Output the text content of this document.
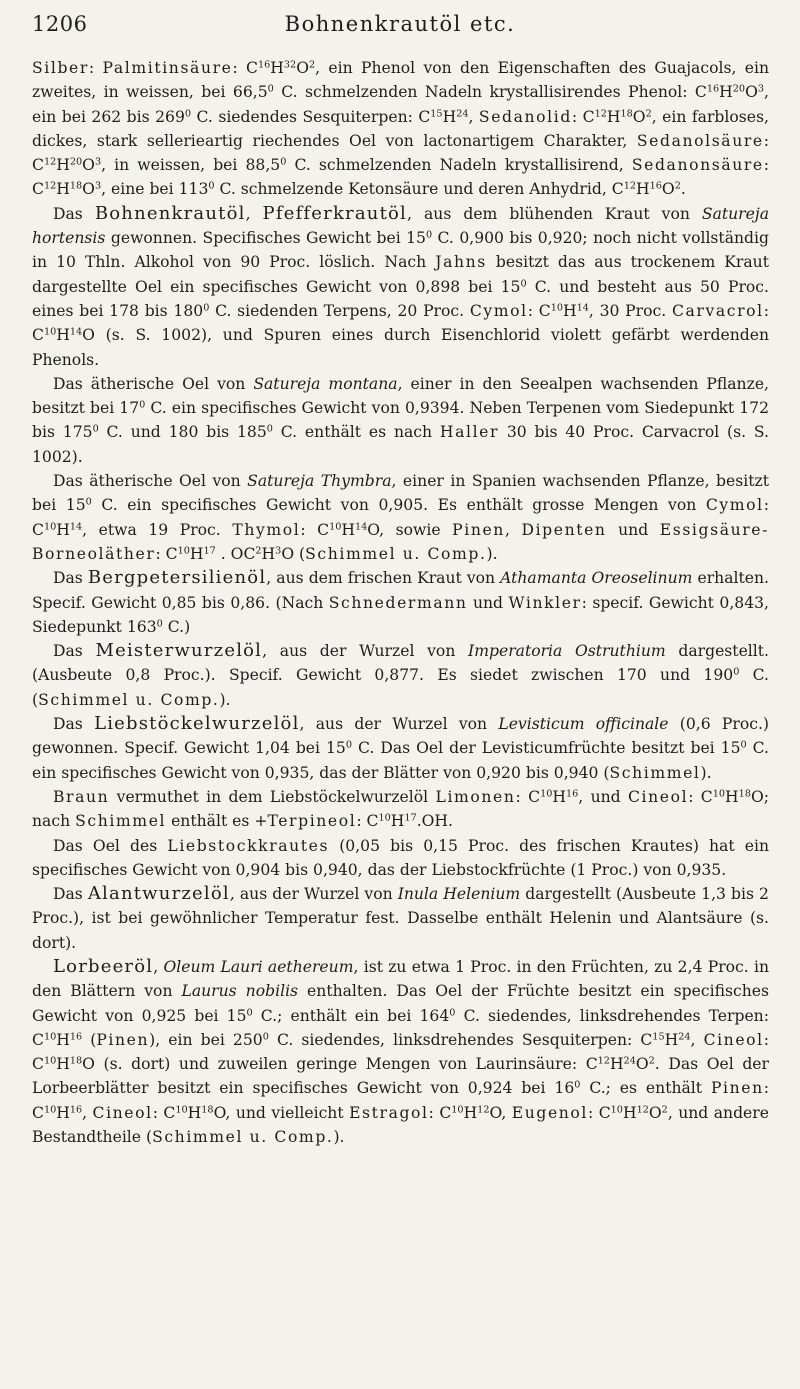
1206	Bohnenkrautöl etc.

Silber: Palmitinsäure: $C^{16}H^{32}O^2$, ein Phenol von den Eigenschaften des Guajacols, ein zweites, in weissen, bei 66,5$^0$ C. schmelzenden Nadeln krystallisirendes Phenol: $C^{16}H^{20}O^3$, ein bei 262 bis $269^0$ C. siedendes Sesquiterpen: $C^{15}H^{24}$, Sedanolid: $C^{12}H^{18}O^2$, ein farbloses, dickes, stark sellerieartig riechendes Oel von lactonartigem Charakter, Sedanolsäure: $C^{12}H^{20}O^3$, in weissen, bei 88,5$^0$ C. schmelzenden Nadeln krystallisirend, Sedanonsäure: $C^{12}H^{18}O^3$, eine bei $113^0$ C. schmelzende Ketonsäure und deren Anhydrid, $C^{12}H^{16}O^2$.

Das Bohnenkrautöl, Pfefferkrautöl, aus dem blühenden Kraut von Satureja hortensis gewonnen. Specifisches Gewicht bei $15^0$ C. 0,900 bis 0,920; noch nicht vollständig in 10 Thln. Alkohol von 90 Proc. löslich. Nach Jahns besitzt das aus trockenem Kraut dargestellte Oel ein specifisches Gewicht von 0,898 bei $15^0$ C. und besteht aus 50 Proc. eines bei 178 bis $180^0$ C. siedenden Terpens, 20 Proc. Cymol: $C^{10}H^{14}$, 30 Proc. Carvacrol: $C^{10}H^{14}O$ (s. S. 1002), und Spuren eines durch Eisenchlorid violett gefärbt werdenden Phenols.

Das ätherische Oel von Satureja montana, einer in den Seealpen wachsenden Pflanze, besitzt bei $17^0$ C. ein specifisches Gewicht von 0,9394. Neben Terpenen vom Siedepunkt 172 bis $175^0$ C. und 180 bis $185^0$ C. enthält es nach Haller 30 bis 40 Proc. Carvacrol (s. S. 1002).

Das ätherische Oel von Satureja Thymbra, einer in Spanien wachsenden Pflanze, besitzt bei $15^0$ C. ein specifisches Gewicht von 0,905. Es enthält grosse Mengen von Cymol: $C^{10}H^{14}$, etwa 19 Proc. Thymol: $C^{10}H^{14}O$, sowie Pinen, Dipenten und Essigsäure-Borneoläther: $C^{10}H^{17}$ . $OC^2H^3O$ (Schimmel u. Comp.).

Das Bergpetersilienöl, aus dem frischen Kraut von Athamanta Oreoselinum erhalten. Specif. Gewicht 0,85 bis 0,86. (Nach Schnedermann und Winkler: specif. Gewicht 0,843, Siedepunkt $163^0$ C.)

Das Meisterwurzelöl, aus der Wurzel von Imperatoria Ostruthium dargestellt. (Ausbeute 0,8 Proc.). Specif. Gewicht 0,877. Es siedet zwischen 170 und $190^0$ C. (Schimmel u. Comp.).

Das Liebstöckelwurzelöl, aus der Wurzel von Levisticum officinale (0,6 Proc.) gewonnen. Specif. Gewicht 1,04 bei $15^0$ C. Das Oel der Levisticumfrüchte besitzt bei $15^0$ C. ein specifisches Gewicht von 0,935, das der Blätter von 0,920 bis 0,940 (Schimmel).

Braun vermuthet in dem Liebstöckelwurzelöl Limonen: $C^{10}H^{16}$, und Cineol: $C^{10}H^{18}O$; nach Schimmel enthält es +Terpineol: $C^{10}H^{17}.OH$.

Das Oel des Liebstockkrautes (0,05 bis 0,15 Proc. des frischen Krautes) hat ein specifisches Gewicht von 0,904 bis 0,940, das der Liebstockfrüchte (1 Proc.) von 0,935.

Das Alantwurzelöl, aus der Wurzel von Inula Helenium dargestellt (Ausbeute 1,3 bis 2 Proc.), ist bei gewöhnlicher Temperatur fest. Dasselbe enthält Helenin und Alantsäure (s. dort).

Lorbeeröl, Oleum Lauri aethereum, ist zu etwa 1 Proc. in den Früchten, zu 2,4 Proc. in den Blättern von Laurus nobilis enthalten. Das Oel der Früchte besitzt ein specifisches Gewicht von 0,925 bei $15^0$ C.; enthält ein bei $164^0$ C. siedendes, linksdrehendes Terpen: $C^{10}H^{16}$ (Pinen), ein bei $250^0$ C. siedendes, linksdrehendes Sesquiterpen: $C^{15}H^{24}$, Cineol: $C^{10}H^{18}O$ (s. dort) und zuweilen geringe Mengen von Laurinsäure: $C^{12}H^{24}O^2$. Das Oel der Lorbeerblätter besitzt ein specifisches Gewicht von 0,924 bei $16^0$ C.; es enthält Pinen: $C^{10}H^{16}$, Cineol: $C^{10}H^{18}O$, und vielleicht Estragol: $C^{10}H^{12}O$, Eugenol: $C^{10}H^{12}O^2$, und andere Bestandtheile (Schimmel u. Comp.).
